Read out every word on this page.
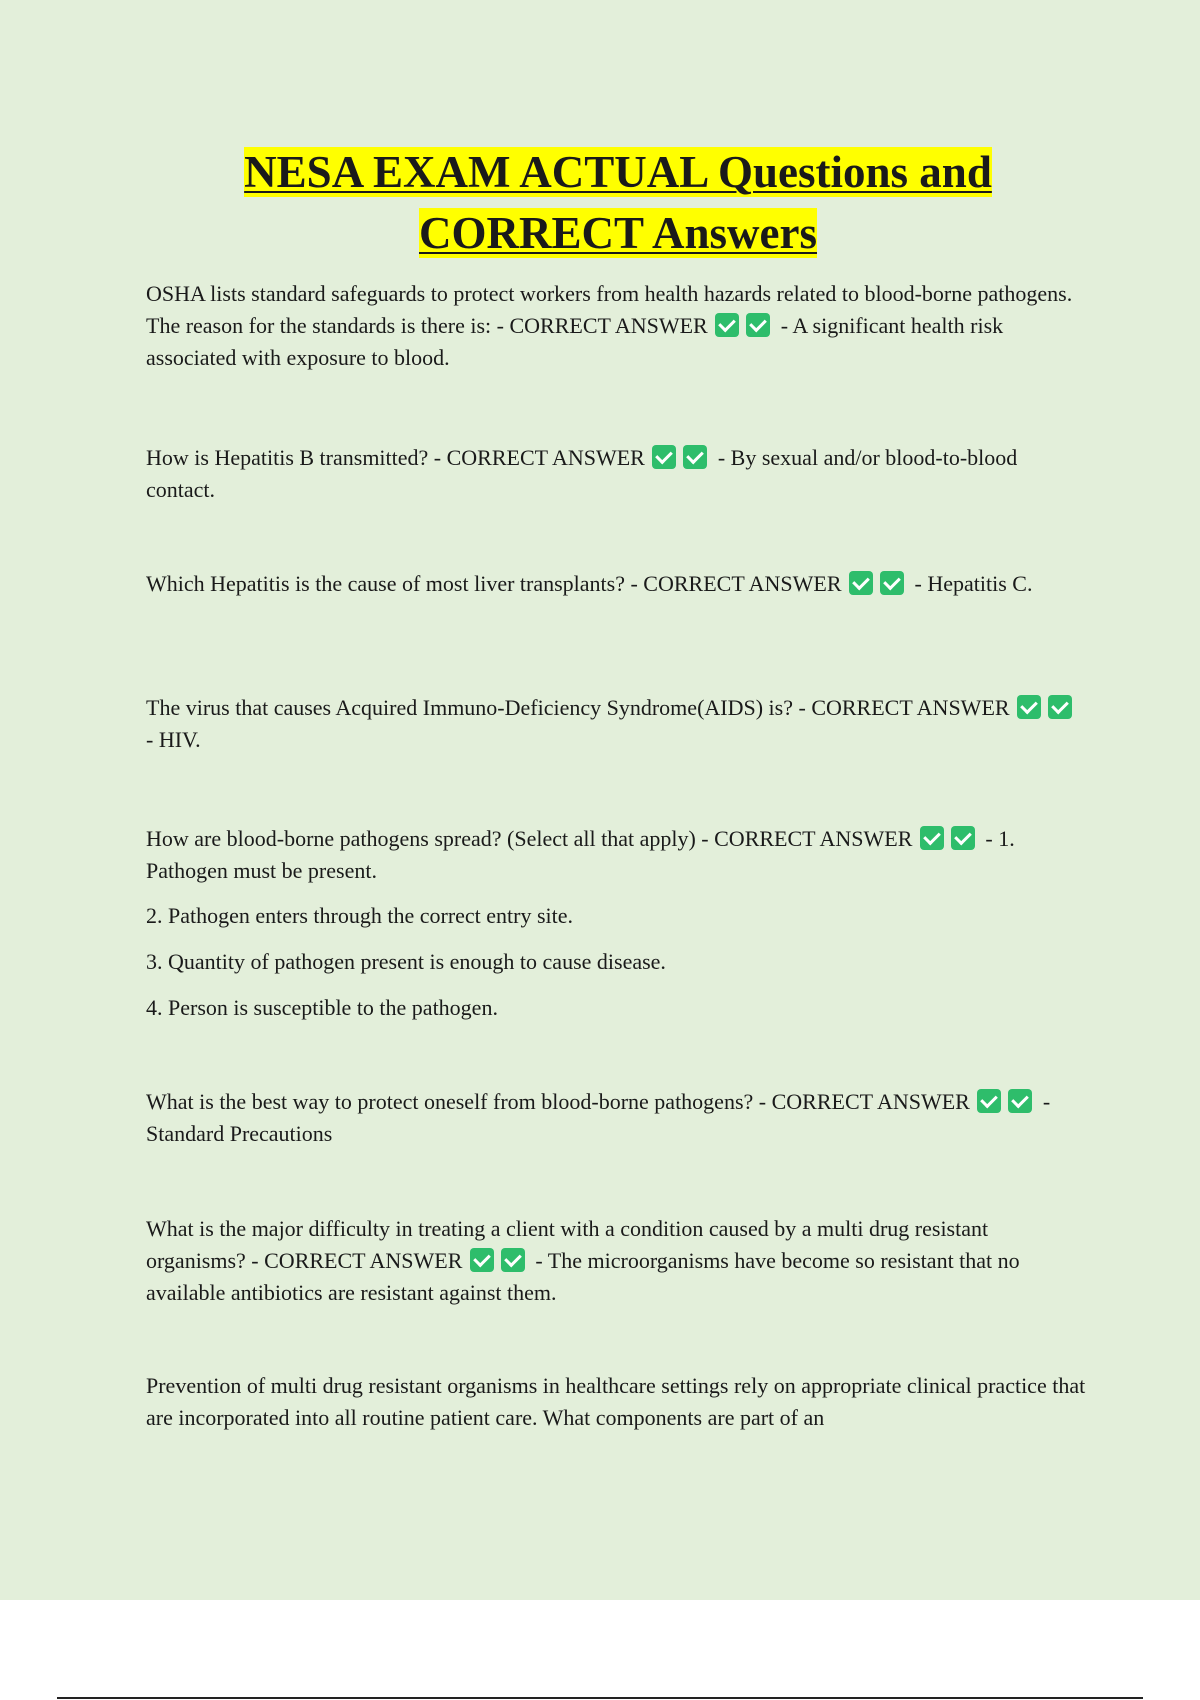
NESA EXAM ACTUAL Questions and
CORRECT Answers
OSHA lists standard safeguards to protect workers from health hazards related to blood-borne pathogens. The reason for the standards is there is: - CORRECT ANSWER	- A significant health risk associated with exposure to blood.
How is Hepatitis B transmitted? - CORRECT ANSWER	- By sexual and/or blood-to-blood contact.
Which Hepatitis is the cause of most liver transplants? - CORRECT ANSWER	- Hepatitis C.
The virus that causes Acquired Immuno-Deficiency Syndrome(AIDS) is? - CORRECT ANSWER  - HIV.
How are blood-borne pathogens spread? (Select all that apply) - CORRECT ANSWER	- 1. Pathogen must be present.
2. Pathogen enters through the correct entry site.
3. Quantity of pathogen present is enough to cause disease.
4. Person is susceptible to the pathogen.
What is the best way to protect oneself from blood-borne pathogens? - CORRECT ANSWER	- Standard Precautions
What is the major difficulty in treating a client with a condition caused by a multi drug resistant organisms? - CORRECT ANSWER	- The microorganisms have become so resistant that no available antibiotics are resistant against them.
Prevention of multi drug resistant organisms in healthcare settings rely on appropriate clinical practice that are incorporated into all routine patient care. What components are part of an
